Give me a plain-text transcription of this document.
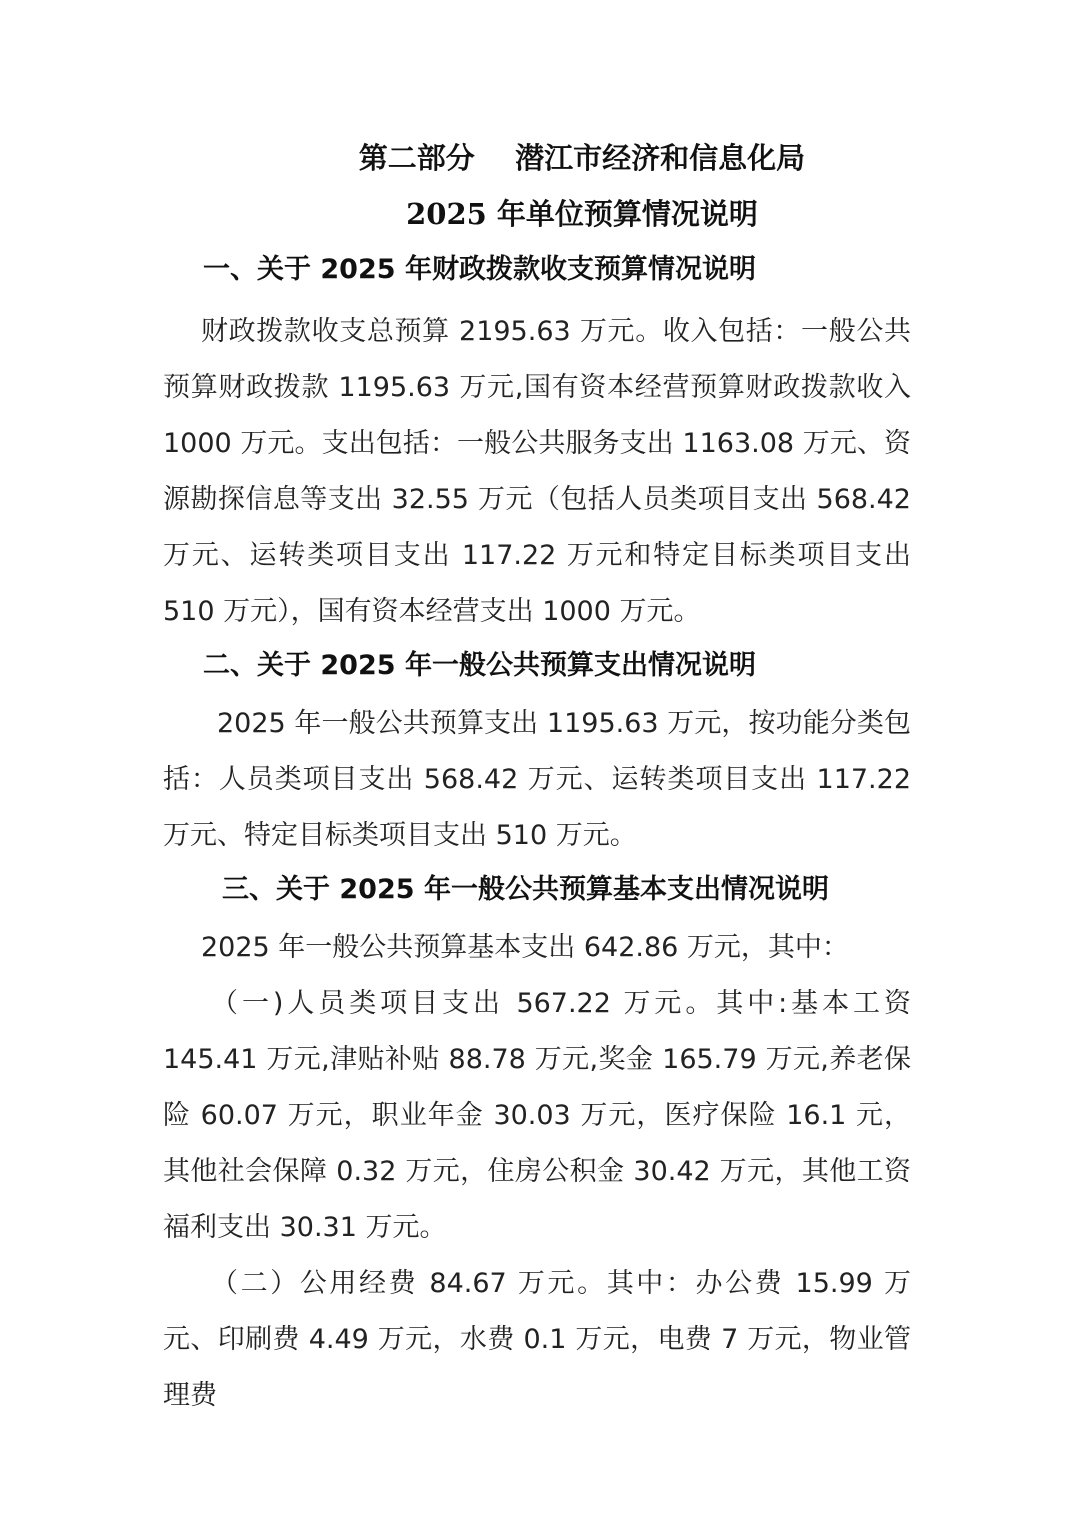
第二部分    潜江市经济和信息化局
2025 年单位预算情况说明
一、关于 2025 年财政拨款收支预算情况说明
财政拨款收支总预算 2195.63 万元。收入包括：一般公共预算财政拨款 1195.63 万元,国有资本经营预算财政拨款收入 1000 万元。支出包括：一般公共服务支出 1163.08 万元、资源勘探信息等支出 32.55 万元（包括人员类项目支出 568.42 万元、运转类项目支出 117.22 万元和特定目标类项目支出 510 万元），国有资本经营支出 1000 万元。
二、关于 2025 年一般公共预算支出情况说明
2025 年一般公共预算支出 1195.63 万元，按功能分类包括：人员类项目支出 568.42 万元、运转类项目支出 117.22 万元、特定目标类项目支出 510 万元。
三、关于 2025 年一般公共预算基本支出情况说明
2025 年一般公共预算基本支出 642.86 万元，其中：
（一)人员类项目支出 567.22 万元。其中:基本工资 145.41 万元,津贴补贴 88.78 万元,奖金 165.79 万元,养老保险 60.07 万元，职业年金 30.03 万元，医疗保险 16.1 元，其他社会保障 0.32 万元，住房公积金 30.42 万元，其他工资福利支出 30.31 万元。
（二）公用经费 84.67 万元。其中：办公费 15.99 万元、印刷费 4.49 万元，水费 0.1 万元，电费 7 万元，物业管理费
